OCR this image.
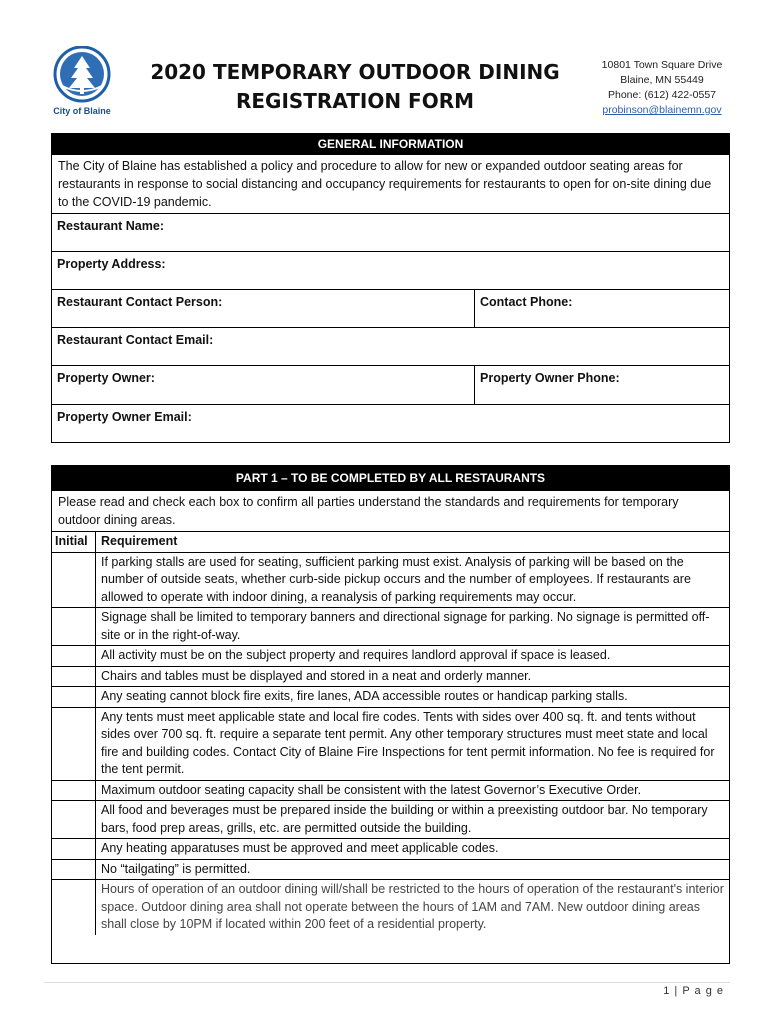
City of Blaine
2020 TEMPORARY OUTDOOR DINING
REGISTRATION FORM
10801 Town Square Drive
Blaine, MN 55449
Phone: (612) 422-0557
probinson@blainemn.gov
GENERAL INFORMATION
The City of Blaine has established a policy and procedure to allow for new or expanded outdoor seating areas for restaurants in response to social distancing and occupancy requirements for restaurants to open for on-site dining due to the COVID-19 pandemic.
Restaurant Name:
Property Address:
Restaurant Contact Person:	Contact Phone:
Restaurant Contact Email:
Property Owner:	Property Owner Phone:
Property Owner Email:
PART 1 – TO BE COMPLETED BY ALL RESTAURANTS
Please read and check each box to confirm all parties understand the standards and requirements for temporary outdoor dining areas.
Initial	Requirement
	If parking stalls are used for seating, sufficient parking must exist. Analysis of parking will be based on the number of outside seats, whether curb-side pickup occurs and the number of employees. If restaurants are allowed to operate with indoor dining, a reanalysis of parking requirements may occur.
	Signage shall be limited to temporary banners and directional signage for parking. No signage is permitted off-site or in the right-of-way.
	All activity must be on the subject property and requires landlord approval if space is leased.
	Chairs and tables must be displayed and stored in a neat and orderly manner.
	Any seating cannot block fire exits, fire lanes, ADA accessible routes or handicap parking stalls.
	Any tents must meet applicable state and local fire codes. Tents with sides over 400 sq. ft. and tents without sides over 700 sq. ft. require a separate tent permit. Any other temporary structures must meet state and local fire and building codes. Contact City of Blaine Fire Inspections for tent permit information. No fee is required for the tent permit.
	Maximum outdoor seating capacity shall be consistent with the latest Governor’s Executive Order.
	All food and beverages must be prepared inside the building or within a preexisting outdoor bar. No temporary bars, food prep areas, grills, etc. are permitted outside the building.
	Any heating apparatuses must be approved and meet applicable codes.
	No “tailgating” is permitted.
	Hours of operation of an outdoor dining will/shall be restricted to the hours of operation of the restaurant's interior space. Outdoor dining area shall not operate between the hours of 1AM and 7AM. New outdoor dining areas shall close by 10PM if located within 200 feet of a residential property.
1 | P a g e
